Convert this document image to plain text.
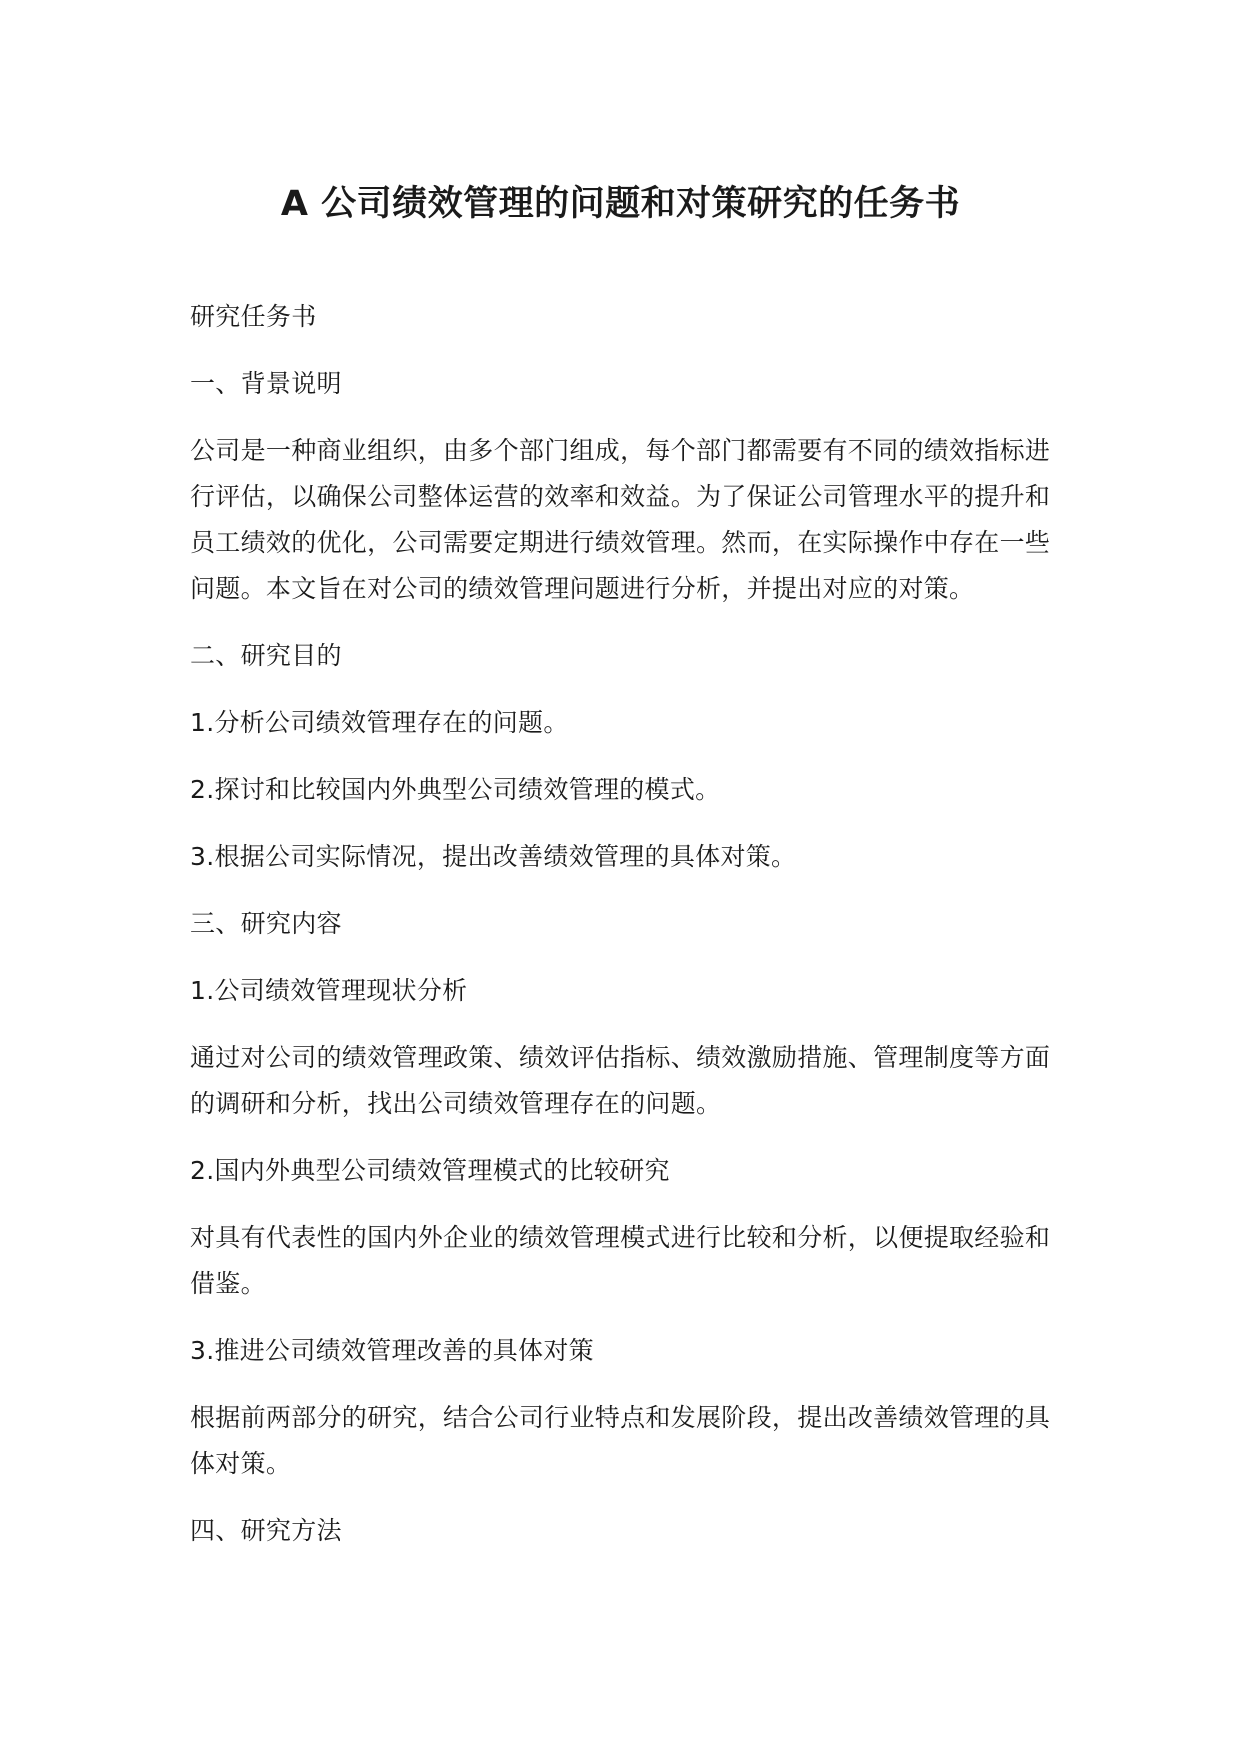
A 公司绩效管理的问题和对策研究的任务书

研究任务书

一、背景说明

公司是一种商业组织，由多个部门组成，每个部门都需要有不同的绩效指标进行评估，以确保公司整体运营的效率和效益。为了保证公司管理水平的提升和员工绩效的优化，公司需要定期进行绩效管理。然而，在实际操作中存在一些问题。本文旨在对公司的绩效管理问题进行分析，并提出对应的对策。

二、研究目的

1.分析公司绩效管理存在的问题。

2.探讨和比较国内外典型公司绩效管理的模式。

3.根据公司实际情况，提出改善绩效管理的具体对策。

三、研究内容

1.公司绩效管理现状分析

通过对公司的绩效管理政策、绩效评估指标、绩效激励措施、管理制度等方面的调研和分析，找出公司绩效管理存在的问题。

2.国内外典型公司绩效管理模式的比较研究

对具有代表性的国内外企业的绩效管理模式进行比较和分析，以便提取经验和借鉴。

3.推进公司绩效管理改善的具体对策

根据前两部分的研究，结合公司行业特点和发展阶段，提出改善绩效管理的具体对策。

四、研究方法
